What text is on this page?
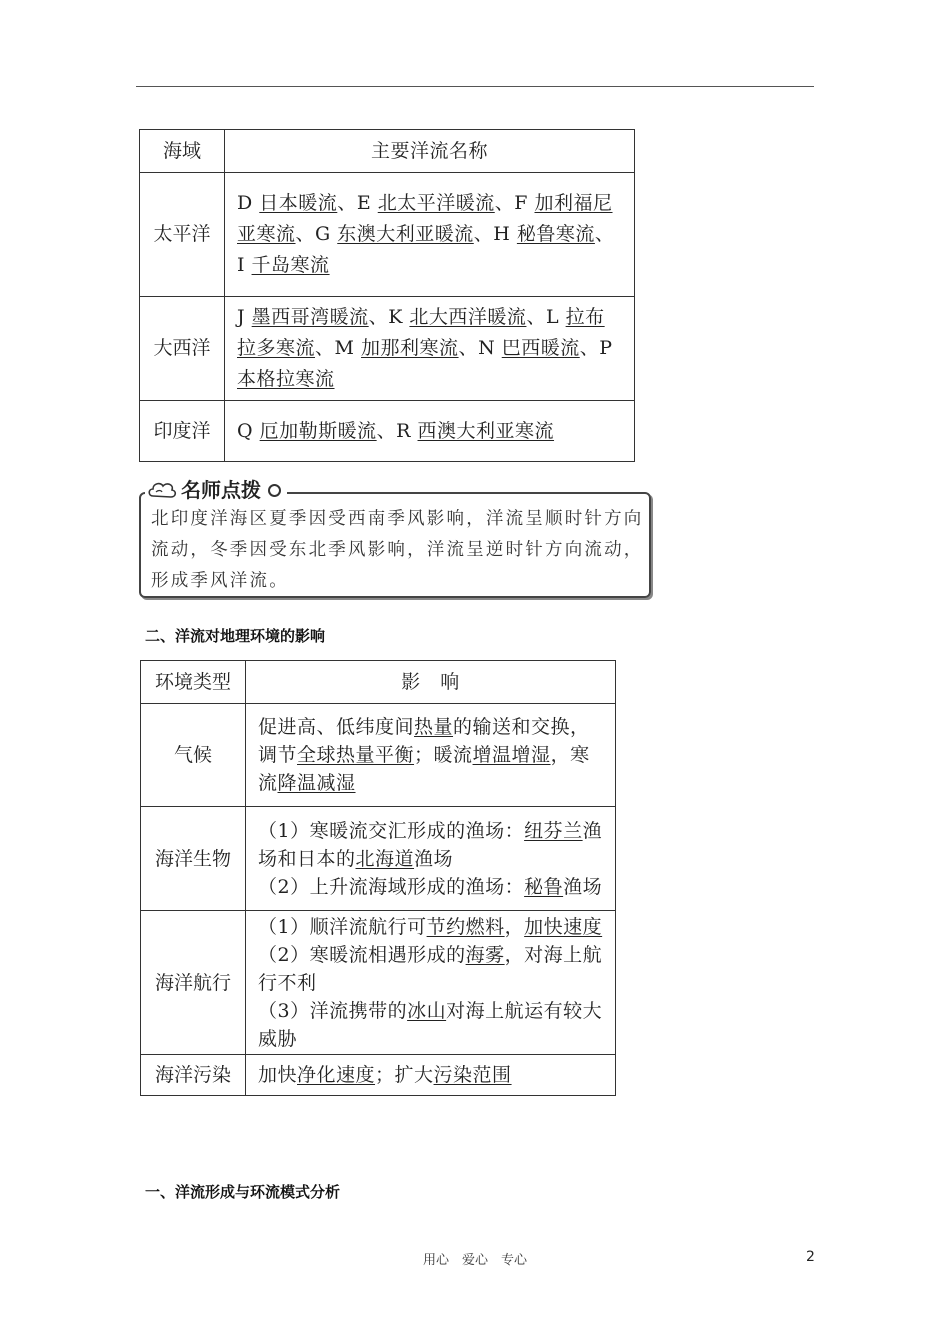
海域	主要洋流名称
太平洋	D 日本暖流、E 北太平洋暖流、F 加利福尼亚寒流、G 东澳大利亚暖流、H 秘鲁寒流、I 千岛寒流
大西洋	J 墨西哥湾暖流、K 北大西洋暖流、L 拉布拉多寒流、M 加那利寒流、N 巴西暖流、P 本格拉寒流
印度洋	Q 厄加勒斯暖流、R 西澳大利亚寒流
名师点拨
北印度洋海区夏季因受西南季风影响，洋流呈顺时针方向流动，冬季因受东北季风影响，洋流呈逆时针方向流动，形成季风洋流。
二、洋流对地理环境的影响
环境类型	影　响
气候	促进高、低纬度间热量的输送和交换，调节全球热量平衡；暖流增温增湿，寒流降温减湿

海洋生物	（1）寒暖流交汇形成的渔场：纽芬兰渔场和日本的北海道渔场
（2）上升流海域形成的渔场：秘鲁渔场

海洋航行	（1）顺洋流航行可节约燃料，加快速度
（2）寒暖流相遇形成的海雾，对海上航行不利
（3）洋流携带的冰山对海上航运有较大威胁

海洋污染	加快净化速度；扩大污染范围
一、洋流形成与环流模式分析
用心　爱心　专心	2
